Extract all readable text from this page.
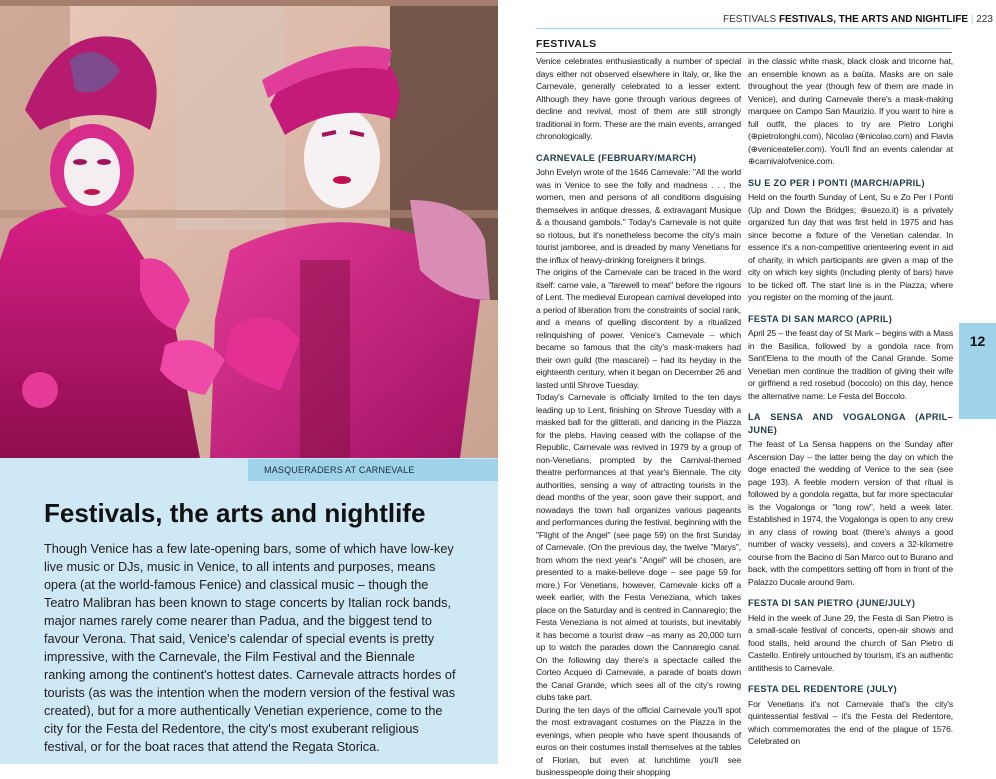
MASQUERADERS AT CARNEVALE
Festivals, the arts and nightlife
Though Venice has a few late-opening bars, some of which have low-key live music or DJs, music in Venice, to all intents and purposes, means opera (at the world-famous Fenice) and classical music – though the Teatro Malibran has been known to stage concerts by Italian rock bands, major names rarely come nearer than Padua, and the biggest tend to favour Verona. That said, Venice's calendar of special events is pretty impressive, with the Carnevale, the Film Festival and the Biennale ranking among the continent's hottest dates. Carnevale attracts hordes of tourists (as was the intention when the modern version of the festival was created), but for a more authentically Venetian experience, come to the city for the Festa del Redentore, the city's most exuberant religious festival, or for the boat races that attend the Regata Storica.
FESTIVALS FESTIVALS, THE ARTS AND NIGHTLIFE | 223
12
FESTIVALS

Venice celebrates enthusiastically a number of special days either not observed elsewhere in Italy, or, like the Carnevale, generally celebrated to a lesser extent. Although they have gone through various degrees of decline and revival, most of them are still strongly traditional in form. These are the main events, arranged chronologically.

CARNEVALE (FEBRUARY/MARCH)

John Evelyn wrote of the 1646 Carnevale: "All the world was in Venice to see the folly and madness . . . the women, men and persons of all conditions disguising themselves in antique dresses, & extravagant Musique & a thousand gambols." Today's Carnevale is not quite so riotous, but it's nonetheless become the city's main tourist jamboree, and is dreaded by many Venetians for the influx of heavy-drinking foreigners it brings.

The origins of the Carnevale can be traced in the word itself: carne vale, a "farewell to meat" before the rigours of Lent. The medieval European carnival developed into a period of liberation from the constraints of social rank, and a means of quelling discontent by a ritualized relinquishing of power. Venice's Carnevale – which became so famous that the city's mask-makers had their own guild (the mascarei) – had its heyday in the eighteenth century, when it began on December 26 and lasted until Shrove Tuesday.

Today's Carnevale is officially limited to the ten days leading up to Lent, finishing on Shrove Tuesday with a masked ball for the glitterati, and dancing in the Piazza for the plebs. Having ceased with the collapse of the Republic, Carnevale was revived in 1979 by a group of non-Venetians, prompted by the Carnival-themed theatre performances at that year's Biennale. The city authorities, sensing a way of attracting tourists in the dead months of the year, soon gave their support, and nowadays the town hall organizes various pageants and performances during the festival, beginning with the "Flight of the Angel" (see page 59) on the first Sunday of Carnevale. (On the previous day, the twelve "Marys", from whom the next year's "Angel" will be chosen, are presented to a make-believe doge – see page 59 for more.) For Venetians, however, Carnevale kicks off a week earlier, with the Festa Veneziana, which takes place on the Saturday and is centred in Cannaregio; the Festa Veneziana is not aimed at tourists, but inevitably it has become a tourist draw –as many as 20,000 turn up to watch the parades down the Cannaregio canal. On the following day there's a spectacle called the Corteo Acqueo di Carnevale, a parade of boats down the Canal Grande, which sees all of the city's rowing clubs take part.

During the ten days of the official Carnevale you'll spot the most extravagant costumes on the Piazza in the evenings, when people who have spent thousands of euros on their costumes install themselves at the tables of Florian, but even at lunchtime you'll see businesspeople doing their shopping

in the classic white mask, black cloak and tricorne hat, an ensemble known as a baùta. Masks are on sale throughout the year (though few of them are made in Venice), and during Carnevale there's a mask-making marquee on Campo San Maurizio. If you want to hire a full outfit, the places to try are Pietro Longhi (⊕pietrolonghi.com), Nicolao (⊕nicolao.com) and Flavia (⊕veniceatelier.com). You'll find an events calendar at ⊕carnivalofvenice.com.

SU E ZO PER I PONTI (MARCH/APRIL)

Held on the fourth Sunday of Lent, Su e Zo Per I Ponti (Up and Down the Bridges; ⊕suezo.it) is a privately organized fun day that was first held in 1975 and has since become a fixture of the Venetian calendar. In essence it's a non-competitive orienteering event in aid of charity, in which participants are given a map of the city on which key sights (including plenty of bars) have to be ticked off. The start line is in the Piazza, where you register on the morning of the jaunt.

FESTA DI SAN MARCO (APRIL)

April 25 – the feast day of St Mark – begins with a Mass in the Basilica, followed by a gondola race from Sant'Elena to the mouth of the Canal Grande. Some Venetian men continue the tradition of giving their wife or girlfriend a red rosebud (boccolo) on this day, hence the alternative name: Le Festa del Boccolo.

LA SENSA AND VOGALONGA (APRIL–JUNE)

The feast of La Sensa happens on the Sunday after Ascension Day – the latter being the day on which the doge enacted the wedding of Venice to the sea (see page 193). A feeble modern version of that ritual is followed by a gondola regatta, but far more spectacular is the Vogalonga or "long row", held a week later. Established in 1974, the Vogalonga is open to any crew in any class of rowing boat (there's always a good number of wacky vessels), and covers a 32-kilometre course from the Bacino di San Marco out to Burano and back, with the competitors setting off from in front of the Palazzo Ducale around 9am.

FESTA DI SAN PIETRO (JUNE/JULY)

Held in the week of June 29, the Festa di San Pietro is a small-scale festival of concerts, open-air shows and food stalls, held around the church of San Pietro di Castello. Entirely untouched by tourism, it's an authentic antithesis to Carnevale.

FESTA DEL REDENTORE (JULY)

For Venetians it's not Carnevale that's the city's quintessential festival – it's the Festa del Redentore, which commemorates the end of the plague of 1576. Celebrated on
